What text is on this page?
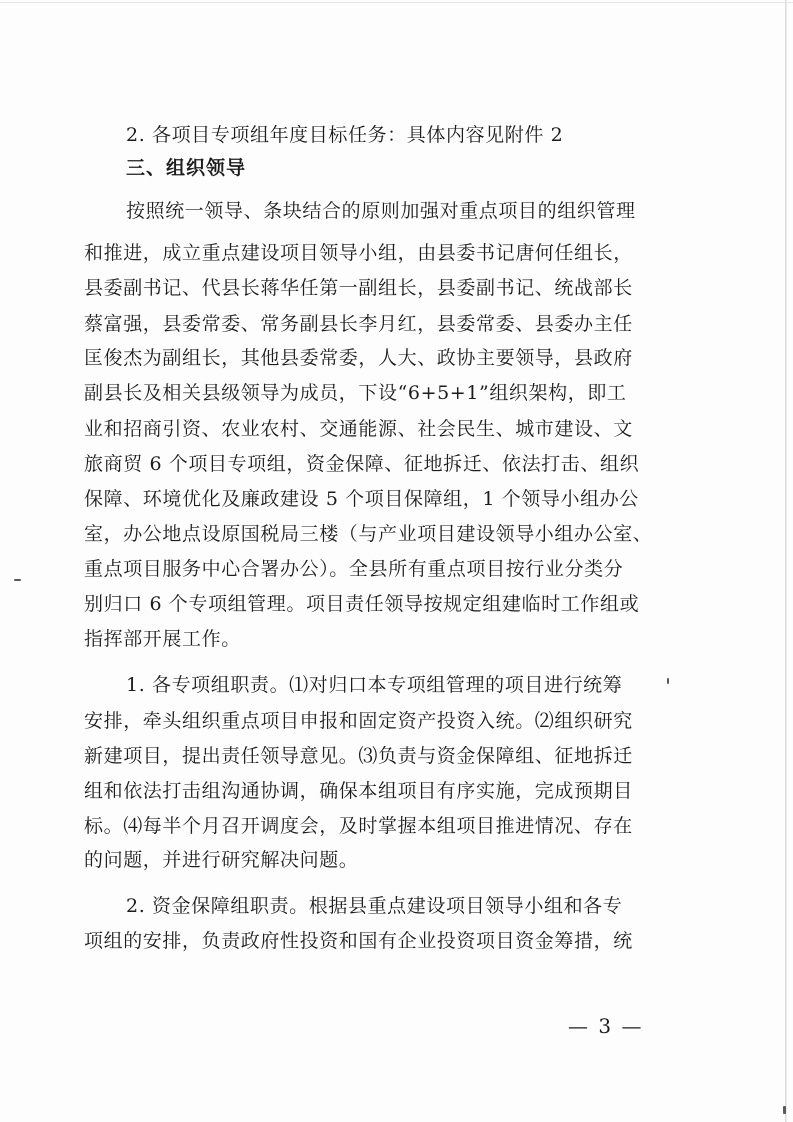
2. 各项目专项组年度目标任务：具体内容见附件 2
三、组织领导
按照统一领导、条块结合的原则加强对重点项目的组织管理
和推进，成立重点建设项目领导小组，由县委书记唐何任组长，
县委副书记、代县长蒋华任第一副组长，县委副书记、统战部长
蔡富强，县委常委、常务副县长李月红，县委常委、县委办主任
匡俊杰为副组长，其他县委常委，人大、政协主要领导，县政府
副县长及相关县级领导为成员，下设“6+5+1”组织架构，即工
业和招商引资、农业农村、交通能源、社会民生、城市建设、文
旅商贸 6 个项目专项组，资金保障、征地拆迁、依法打击、组织
保障、环境优化及廉政建设 5 个项目保障组，1 个领导小组办公
室，办公地点设原国税局三楼（与产业项目建设领导小组办公室、
重点项目服务中心合署办公）。全县所有重点项目按行业分类分
别归口 6 个专项组管理。项目责任领导按规定组建临时工作组或
指挥部开展工作。
1. 各专项组职责。⑴对归口本专项组管理的项目进行统筹
安排，牵头组织重点项目申报和固定资产投资入统。⑵组织研究
新建项目，提出责任领导意见。⑶负责与资金保障组、征地拆迁
组和依法打击组沟通协调，确保本组项目有序实施，完成预期目
标。⑷每半个月召开调度会，及时掌握本组项目推进情况、存在
的问题，并进行研究解决问题。
2. 资金保障组职责。根据县重点建设项目领导小组和各专
项组的安排，负责政府性投资和国有企业投资项目资金筹措，统
— 3 —
